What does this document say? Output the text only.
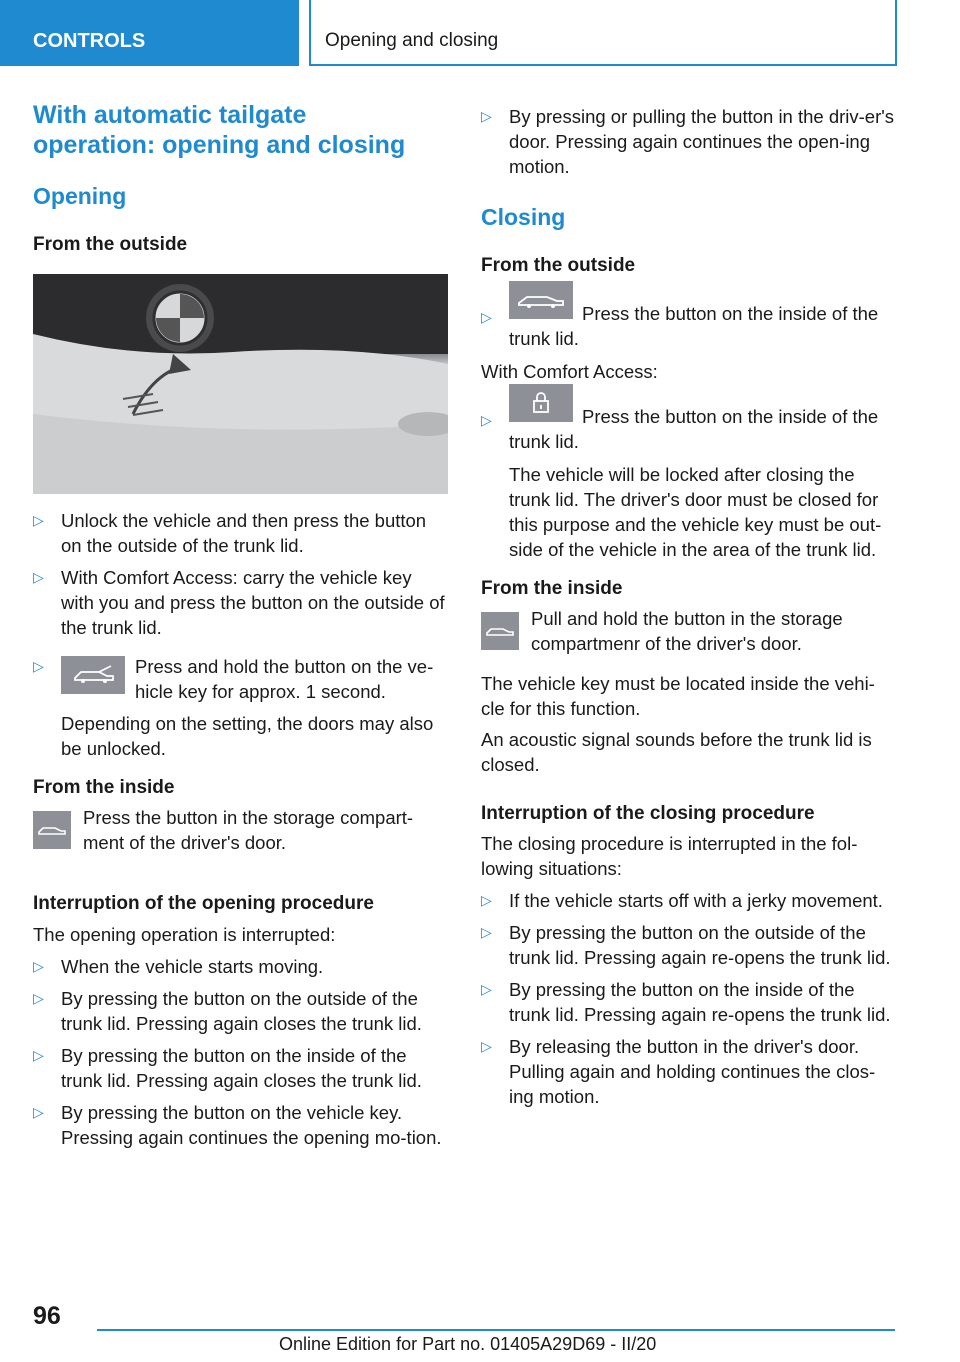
CONTROLS	Opening and closing
With automatic tailgate operation: opening and closing
Opening
From the outside
▷ Unlock the vehicle and then press the button on the outside of the trunk lid.
▷ With Comfort Access: carry the vehicle key with you and press the button on the outside of the trunk lid.
▷	Press and hold the button on the ve-hicle key for approx. 1 second.
Depending on the setting, the doors may also be unlocked.
From the inside
Press the button in the storage compart-ment of the driver's door.
Interruption of the opening procedure

The opening operation is interrupted:

▷ When the vehicle starts moving.
▷ By pressing the button on the outside of the trunk lid. Pressing again closes the trunk lid.
▷ By pressing the button on the inside of the trunk lid. Pressing again closes the trunk lid.
▷ By pressing the button on the vehicle key. Pressing again continues the opening mo-tion.
▷ By pressing or pulling the button in the driv-er's door. Pressing again continues the open-ing motion.
Closing
From the outside
▷	Press the button on the inside of the trunk lid.

With Comfort Access:

▷	Press the button on the inside of the trunk lid.
The vehicle will be locked after closing the trunk lid. The driver's door must be closed for this purpose and the vehicle key must be out-side of the vehicle in the area of the trunk lid.
From the inside
Pull and hold the button in the storage compartmenr of the driver's door.

The vehicle key must be located inside the vehi-cle for this function.

An acoustic signal sounds before the trunk lid is closed.

Interruption of the closing procedure

The closing procedure is interrupted in the fol-lowing situations:

▷ If the vehicle starts off with a jerky movement.
▷ By pressing the button on the outside of the trunk lid. Pressing again re-opens the trunk lid.
▷ By pressing the button on the inside of the trunk lid. Pressing again re-opens the trunk lid.
▷ By releasing the button in the driver's door. Pulling again and holding continues the clos-ing motion.
96
Online Edition for Part no. 01405A29D69 - II/20
